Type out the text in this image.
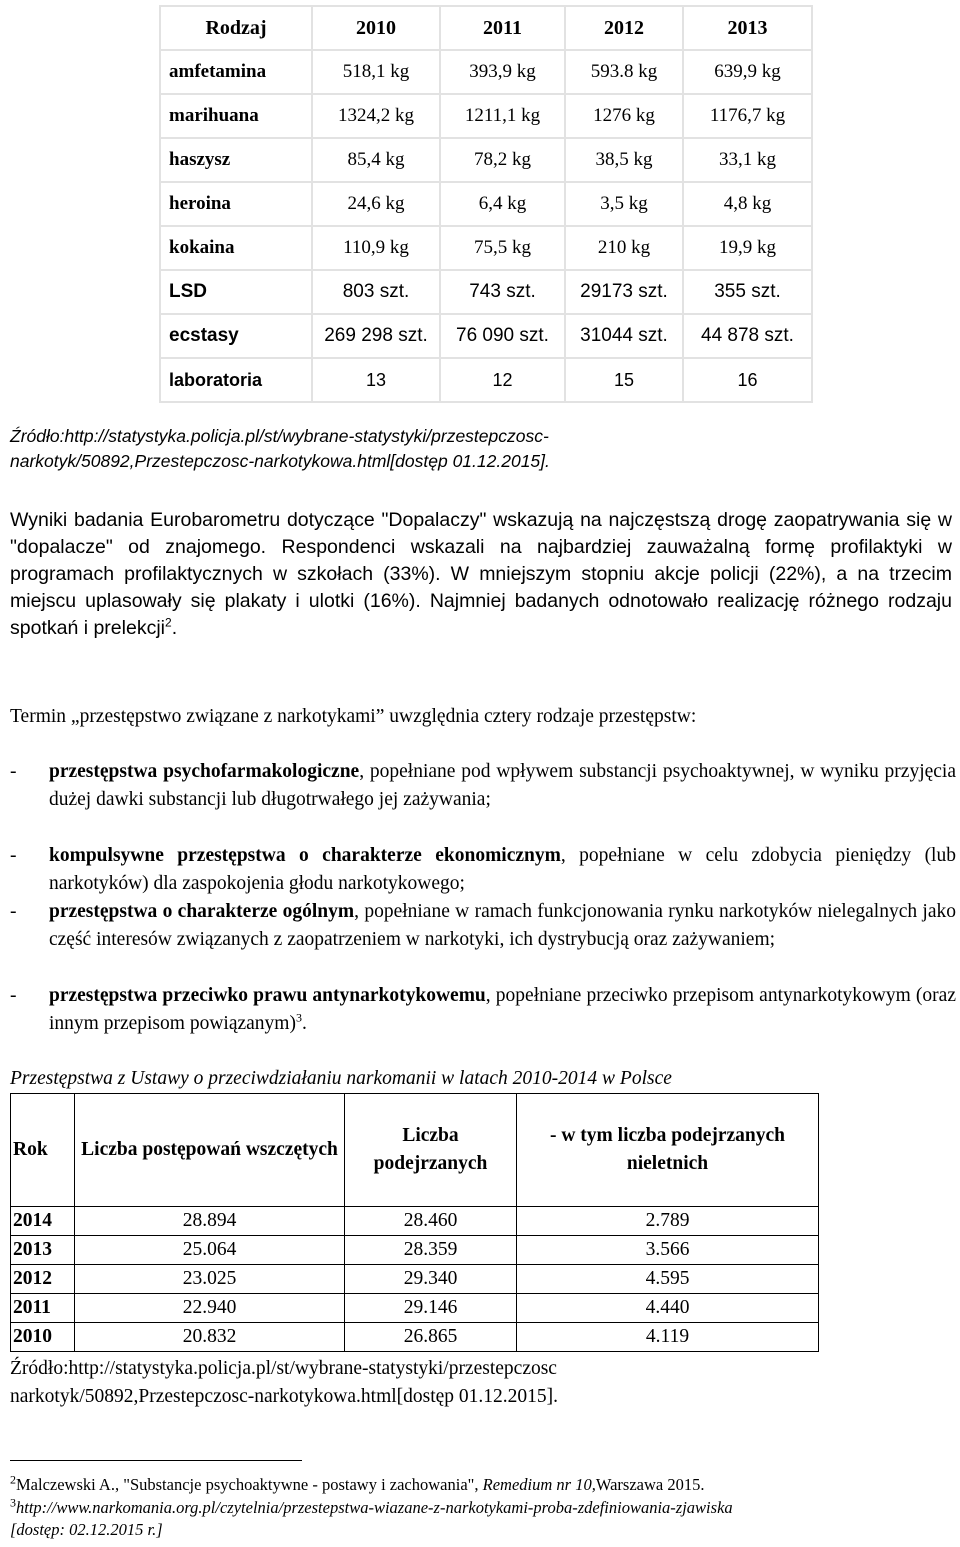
Rodzaj	2010	2011	2012	2013
amfetamina	518,1 kg	393,9 kg	593.8 kg	639,9 kg
marihuana	1324,2 kg	1211,1 kg	1276 kg	1176,7 kg
haszysz	85,4 kg	78,2 kg	38,5 kg	33,1 kg
heroina	24,6 kg	6,4 kg	3,5 kg	4,8 kg
kokaina	110,9 kg	75,5 kg	210 kg	19,9 kg
LSD	803 szt.	743 szt.	29173 szt.	355 szt.
ecstasy	269 298 szt.	76 090 szt.	31044 szt.	44 878 szt.
laboratoria	13	12	15	16
Źródło:http://statystyka.policja.pl/st/wybrane-statystyki/przestepczosc-
narkotyk/50892,Przestepczosc-narkotykowa.html[dostęp 01.12.2015].
Wyniki badania Eurobarometru dotyczące "Dopalaczy" wskazują na najczęstszą drogę zaopatrywania się w "dopalacze" od znajomego. Respondenci wskazali na najbardziej zauważalną formę profilaktyki w programach profilaktycznych w szkołach (33%). W mniejszym stopniu akcje policji (22%), a na trzecim miejscu uplasowały się plakaty i ulotki (16%). Najmniej badanych odnotowało realizację różnego rodzaju spotkań i prelekcji$^2$.
Termin „przestępstwo związane z narkotykami” uwzględnia cztery rodzaje przestępstw:
- przestępstwa psychofarmakologiczne, popełniane pod wpływem substancji psychoaktywnej, w wyniku przyjęcia dużej dawki substancji lub długotrwałego jej zażywania;
- kompulsywne przestępstwa o charakterze ekonomicznym, popełniane w celu zdobycia pieniędzy (lub narkotyków) dla zaspokojenia głodu narkotykowego;
- przestępstwa o charakterze ogólnym, popełniane w ramach funkcjonowania rynku narkotyków nielegalnych jako część interesów związanych z zaopatrzeniem w narkotyki, ich dystrybucją oraz zażywaniem;
- przestępstwa przeciwko prawu antynarkotykowemu, popełniane przeciwko przepisom antynarkotykowym (oraz innym przepisom powiązanym)$^3$.
Przestępstwa z Ustawy o przeciwdziałaniu narkomanii w latach 2010-2014 w Polsce
Rok	Liczba postępowań wszczętych	Liczba podejrzanych	- w tym liczba podejrzanych nieletnich
2014	28.894	28.460	2.789
2013	25.064	28.359	3.566
2012	23.025	29.340	4.595
2011	22.940	29.146	4.440
2010	20.832	26.865	4.119
Źródło:http://statystyka.policja.pl/st/wybrane-statystyki/przestepczosc
narkotyk/50892,Przestepczosc-narkotykowa.html[dostęp 01.12.2015].
$^2$Malczewski A., "Substancje psychoaktywne - postawy i zachowania", Remedium nr 10,Warszawa 2015.
$^3$http://www.narkomania.org.pl/czytelnia/przestepstwa-wiazane-z-narkotykami-proba-zdefiniowania-zjawiska
[dostęp: 02.12.2015 r.]
